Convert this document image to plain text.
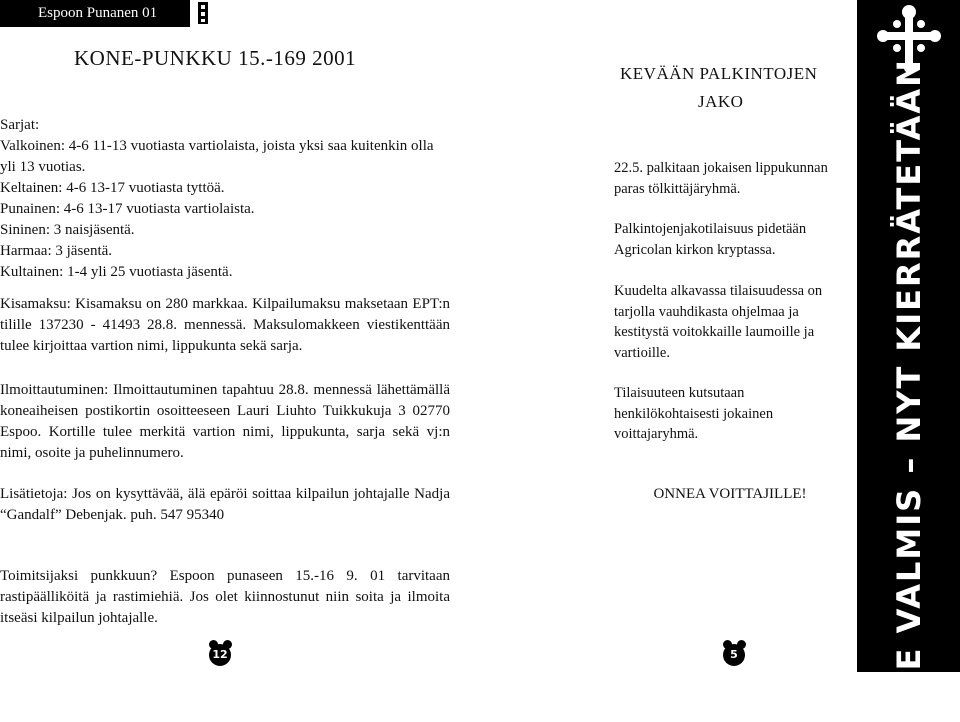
Espoon Punanen 01
KONE-PUNKKU 15.-169 2001

Sarjat:

Valkoinen: 4-6 11-13 vuotiasta vartiolaista, joista yksi saa kuitenkin olla yli 13 vuotias.

Keltainen: 4-6 13-17 vuotiasta tyttöä.

Punainen: 4-6 13-17 vuotiasta vartiolaista.

Sininen: 3 naisjäsentä.

Harmaa: 3 jäsentä.

Kultainen: 1-4 yli 25 vuotiasta jäsentä.

Kisamaksu: Kisamaksu on 280 markkaa. Kilpailumaksu maksetaan EPT:n tilille 137230 - 41493 28.8. mennessä. Maksulomakkeen viestikenttään tulee kirjoittaa vartion nimi, lippukunta sekä sarja.

Ilmoittautuminen: Ilmoittautuminen tapahtuu 28.8. mennessä lähettämällä koneaiheisen postikortin osoitteeseen Lauri Liuhto Tuikkukuja 3 02770 Espoo. Kortille tulee merkitä vartion nimi, lippukunta, sarja sekä vj:n nimi, osoite ja puhelinnumero.

Lisätietoja: Jos on kysyttävää, älä epäröi soittaa kilpailun johtajalle Nadja “Gandalf” Debenjak. puh. 547 95340

Toimitsijaksi punkkuun? Espoon punaseen 15.-16 9. 01 tarvitaan rastipäälliköitä ja rastimiehiä. Jos olet kiinnostunut niin soita ja ilmoita itseäsi kilpailun johtajalle.

KEVÄÄN PALKINTOJEN
JAKO

22.5. palkitaan jokaisen lippukunnan paras tölkittäjäryhmä.

Palkintojenjakotilaisuus pidetään Agricolan kirkon kryptassa.

Kuudelta alkavassa tilaisuudessa on tarjolla vauhdikasta ohjelmaa ja kestitystä voitokkaille laumoille ja vartioille.

Tilaisuuteen kutsutaan henkilökohtaisesti jokainen voittajaryhmä.

ONNEA VOITTAJILLE!	OLE VALMIS – NYT KIERRÄTETÄÄN
12	5
